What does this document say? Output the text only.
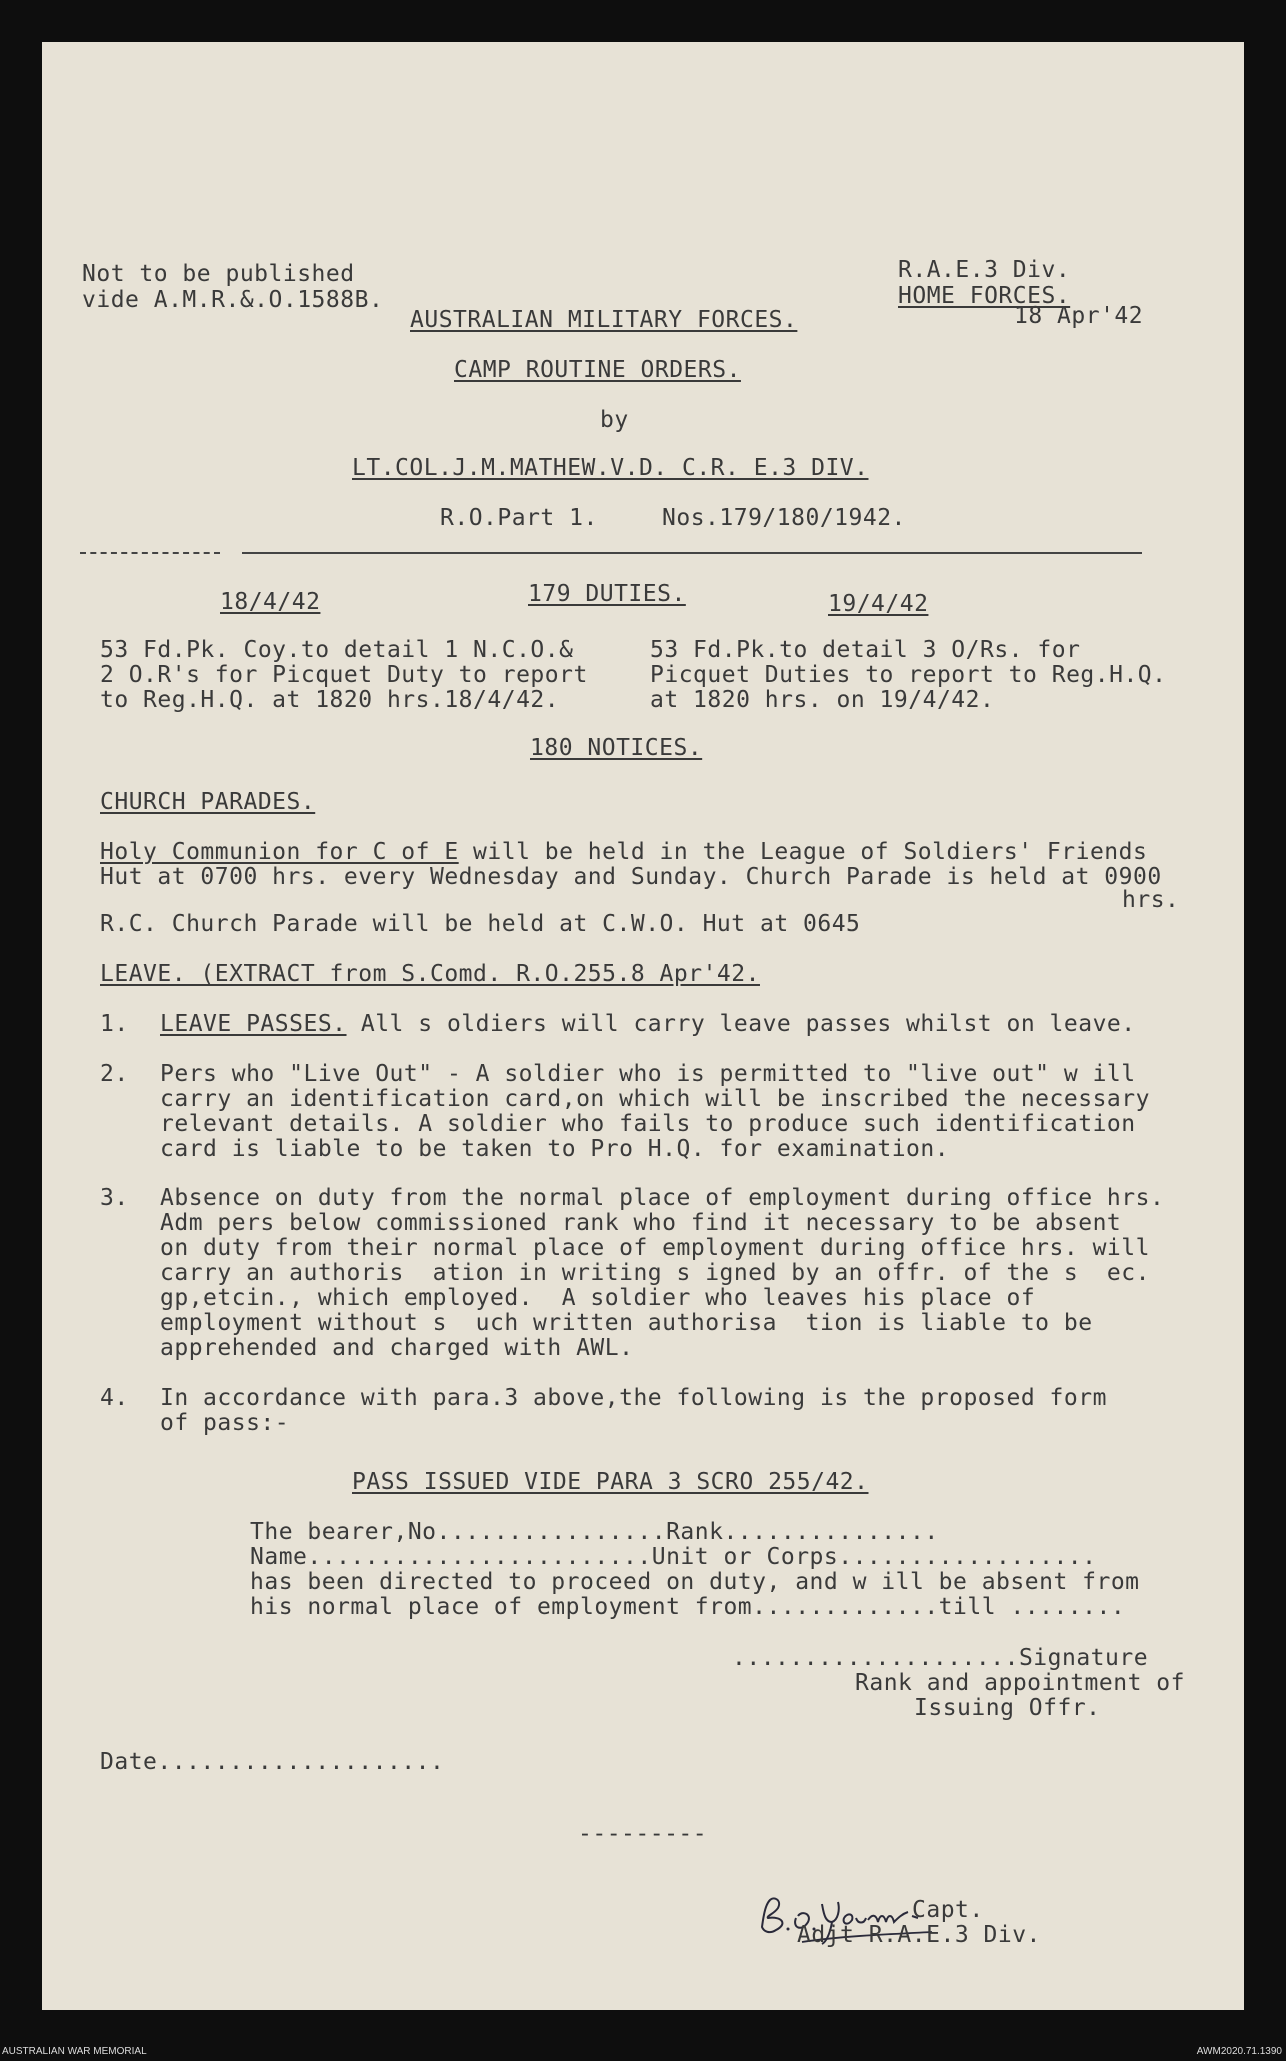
Not to be published
vide A.M.R.&.O.1588B.
R.A.E.3 Div.
HOME FORCES.
18 Apr'42
AUSTRALIAN MILITARY FORCES.
CAMP ROUTINE ORDERS.
by
LT.COL.J.M.MATHEW.V.D. C.R. E.3 DIV.
R.O.Part 1.	Nos.179/180/1942.
18/4/42	179 DUTIES.	19/4/42
53 Fd.Pk. Coy.to detail 1 N.C.O.&
2 O.R's for Picquet Duty to report
to Reg.H.Q. at 1820 hrs.18/4/42.
53 Fd.Pk.to detail 3 O/Rs. for
Picquet Duties to report to Reg.H.Q.
at 1820 hrs. on 19/4/42.
180 NOTICES.
CHURCH PARADES.
Holy Communion for C of E will be held in the League of Soldiers' Friends
Hut at 0700 hrs. every Wednesday and Sunday. Church Parade is held at 0900
hrs.
R.C. Church Parade will be held at C.W.O. Hut at 0645
LEAVE. (EXTRACT from S.Comd. R.O.255.8 Apr'42.
1. LEAVE PASSES. All s oldiers will carry leave passes whilst on leave.
2. Pers who "Live Out" - A soldier who is permitted to "live out" w ill
carry an identification card,on which will be inscribed the necessary
relevant details. A soldier who fails to produce such identification
card is liable to be taken to Pro H.Q. for examination.
3. Absence on duty from the normal place of employment during office hrs.
Adm pers below commissioned rank who find it necessary to be absent
on duty from their normal place of employment during office hrs. will
carry an authoris  ation in writing s igned by an offr. of the s  ec.
gp,etcin., which employed.  A soldier who leaves his place of
employment without s  uch written authorisa  tion is liable to be
apprehended and charged with AWL.
4. In accordance with para.3 above,the following is the proposed form
of pass:-
PASS ISSUED VIDE PARA 3 SCRO 255/42.
The bearer,No................Rank...............
Name........................Unit or Corps..................
has been directed to proceed on duty, and w ill be absent from
his normal place of employment from.............till ........
....................Signature
Rank and appointment of
Issuing Offr.
Date....................
---------
Capt.
Adjt R.A.E.3 Div.
AUSTRALIAN WAR MEMORIAL	AWM2020.71.1390
